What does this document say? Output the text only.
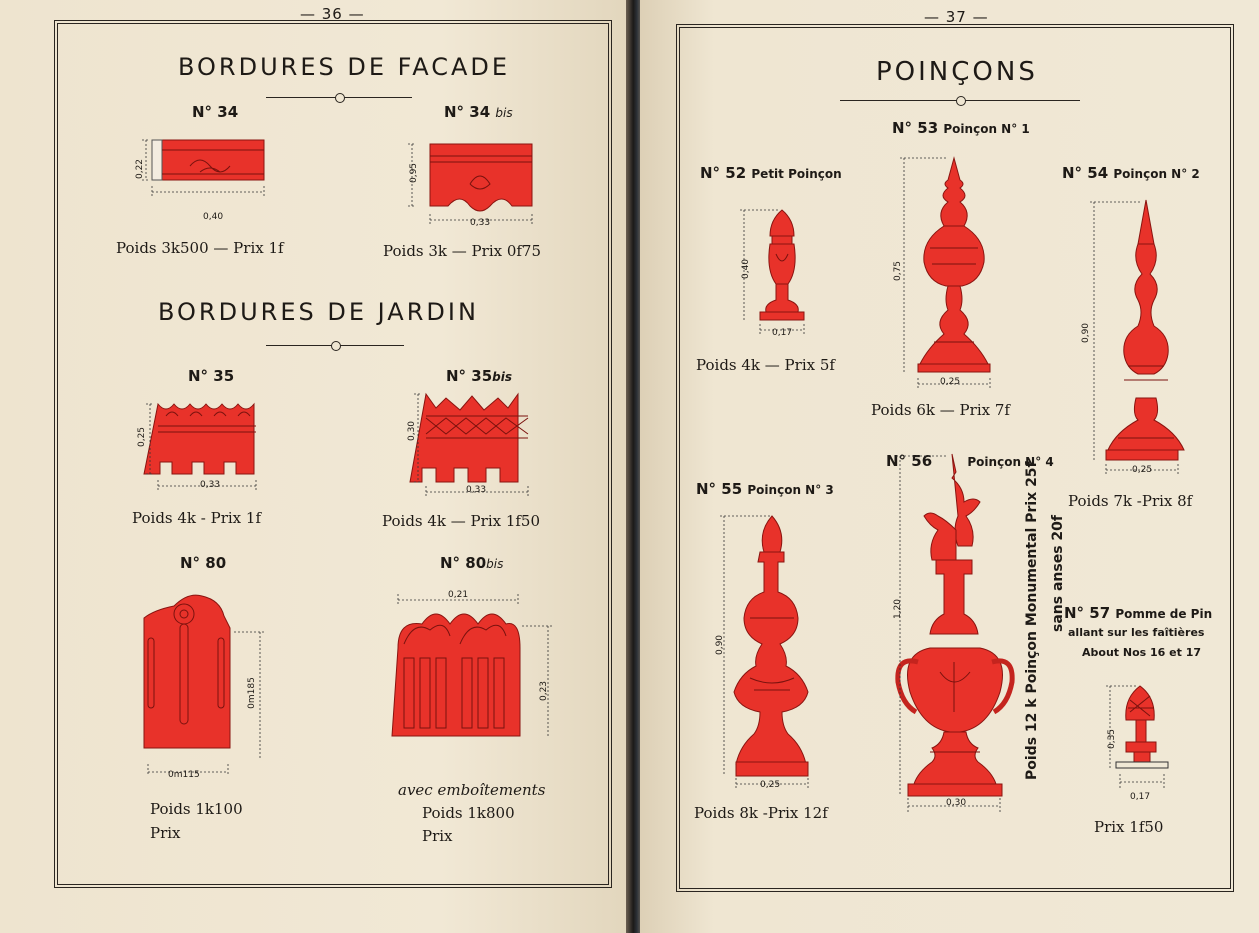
— 36 —
BORDURES DE FACADE
N° 34
0,22
0,40
Poids 3k500 — Prix 1f
N° 34 bis
0,95
0,33
Poids 3k — Prix 0f75
BORDURES DE JARDIN
N° 35
0,25
0,33
Poids 4k - Prix 1f
N° 35bis
0,30
0,33
Poids 4k — Prix 1f50
N° 80
0m185
0m115
Poids 1k100
Prix
N° 80bis
0,21
0,23
avec emboîtements
Poids 1k800
Prix
— 37 —
POINÇONS
N° 53 Poinçon N° 1
0,75
0,25
Poids 6k — Prix 7f
N° 52 Petit Poinçon
0,40
0,17
Poids 4k — Prix 5f
N° 54 Poinçon N° 2
0,90
0,25
Poids 7k -Prix 8f
N° 55 Poinçon N° 3
0,90
0,25
Poids 8k -Prix 12f
N° 56	Poinçon N° 4
1,20
0,30
Poids 12 k Poinçon Monumental Prix 25f sans anses 20f
N° 57 Pomme de Pin
allant sur les faîtières
About Nos 16 et 17
0,35
0,17
Prix 1f50
